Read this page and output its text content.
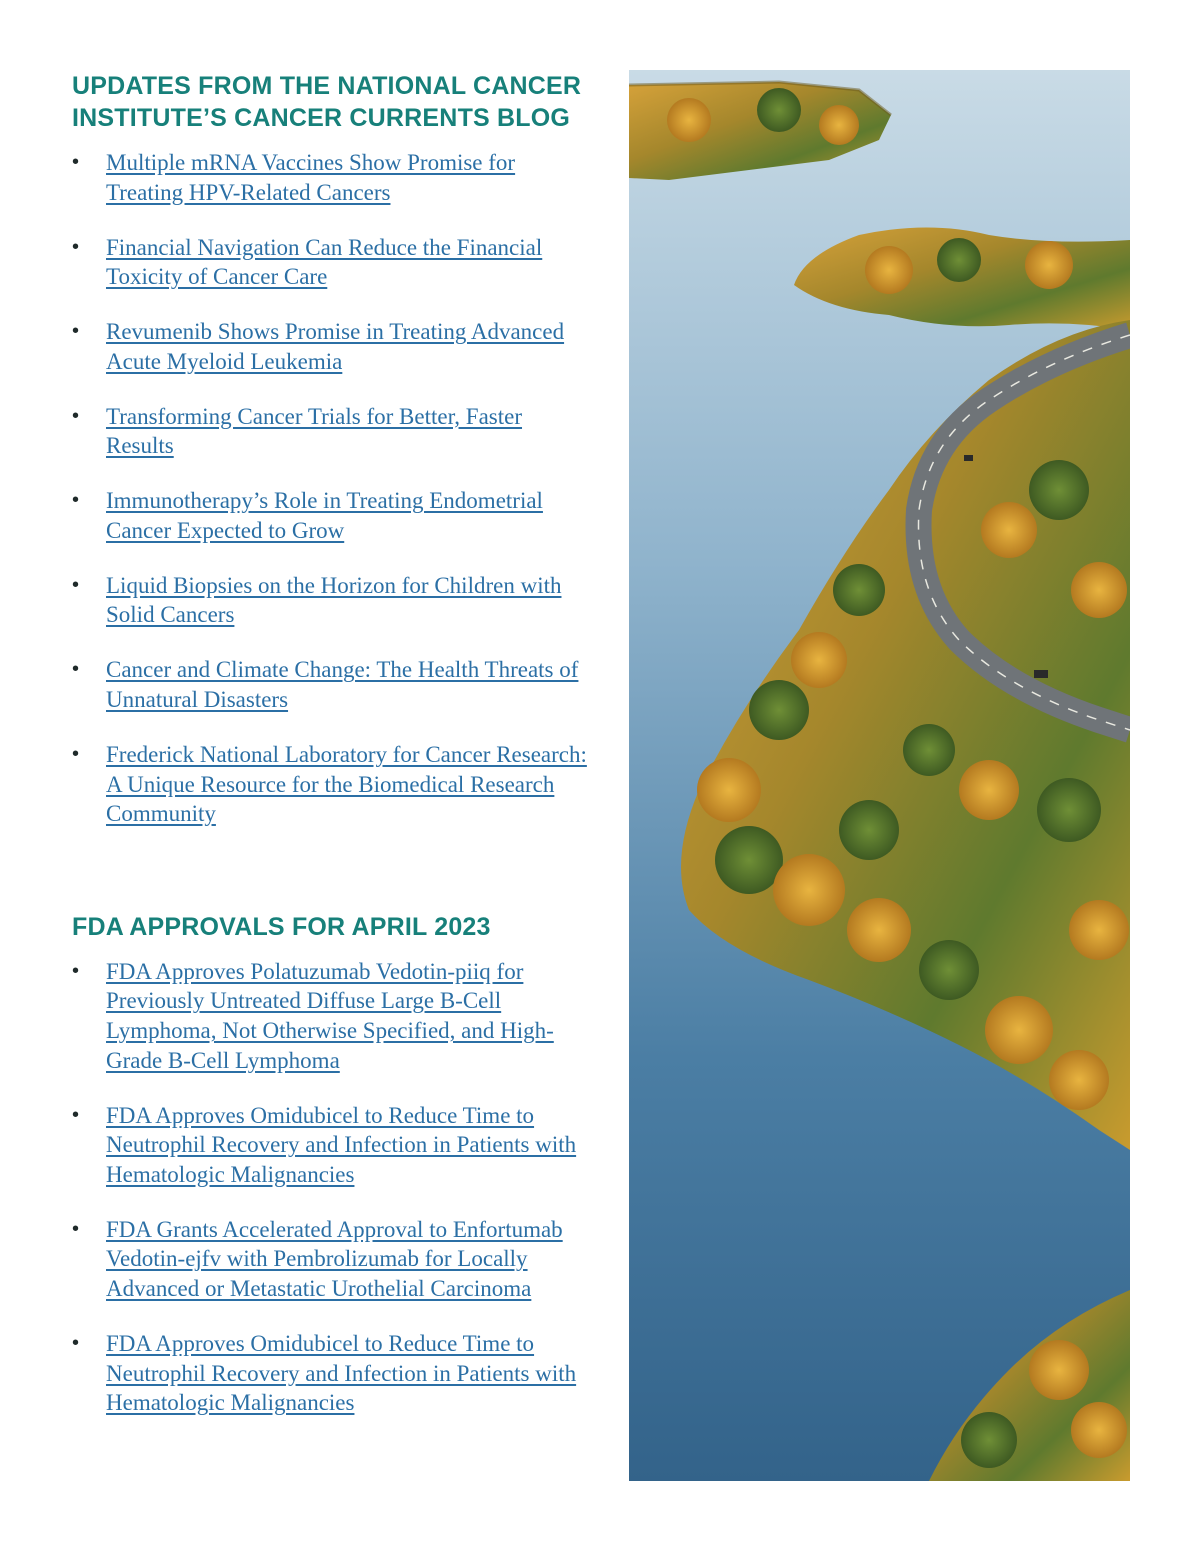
UPDATES FROM THE NATIONAL CANCER INSTITUTE’S CANCER CURRENTS BLOG
• Multiple mRNA Vaccines Show Promise for Treating HPV-Related Cancers
• Financial Navigation Can Reduce the Financial Toxicity of Cancer Care
• Revumenib Shows Promise in Treating Advanced Acute Myeloid Leukemia
• Transforming Cancer Trials for Better, Faster Results
• Immunotherapy’s Role in Treating Endometrial Cancer Expected to Grow
• Liquid Biopsies on the Horizon for Children with Solid Cancers
• Cancer and Climate Change: The Health Threats of Unnatural Disasters
• Frederick National Laboratory for Cancer Research: A Unique Resource for the Biomedical Research Community
FDA APPROVALS FOR APRIL 2023
• FDA Approves Polatuzumab Vedotin-piiq for Previously Untreated Diffuse Large B-Cell Lymphoma, Not Otherwise Specified, and High-Grade B-Cell Lymphoma
• FDA Approves Omidubicel to Reduce Time to Neutrophil Recovery and Infection in Patients with Hematologic Malignancies
• FDA Grants Accelerated Approval to Enfortumab Vedotin-ejfv with Pembrolizumab for Locally Advanced or Metastatic Urothelial Carcinoma
• FDA Approves Omidubicel to Reduce Time to Neutrophil Recovery and Infection in Patients with Hematologic Malignancies
